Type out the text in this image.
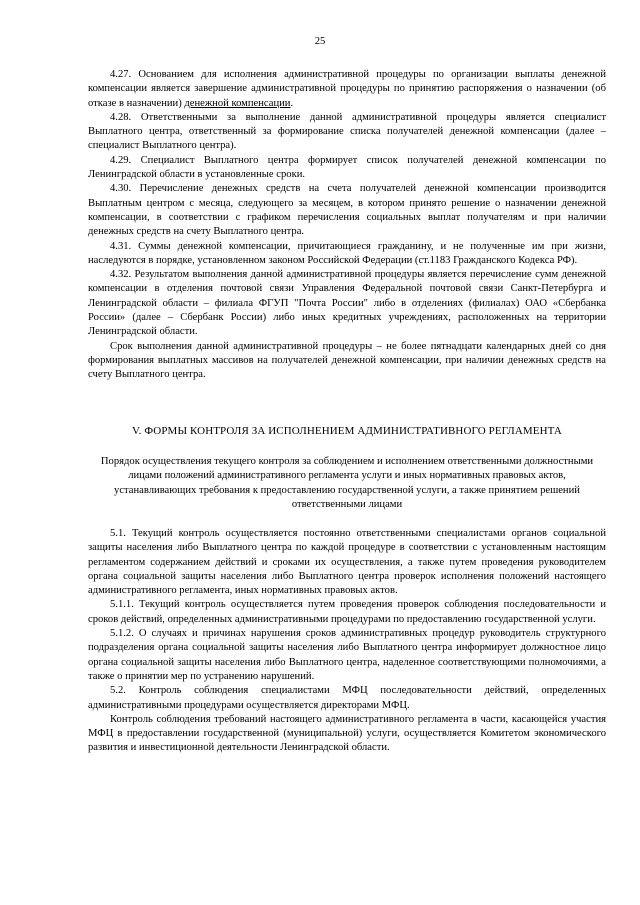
25

4.27. Основанием для исполнения административной процедуры по организации выплаты денежной компенсации является завершение административной процедуры по принятию распоряжения о назначении (об отказе в назначении) денежной компенсации.

4.28. Ответственными за выполнение данной административной процедуры является специалист Выплатного центра, ответственный за формирование списка получателей денежной компенсации (далее – специалист Выплатного центра).

4.29. Специалист Выплатного центра формирует список получателей денежной компенсации по Ленинградской области в установленные сроки.

4.30. Перечисление денежных средств на счета получателей денежной компенсации производится Выплатным центром с месяца, следующего за месяцем, в котором принято решение о назначении денежной компенсации, в соответствии с графиком перечисления социальных выплат получателям и при наличии денежных средств на счету Выплатного центра.

4.31. Суммы денежной компенсации, причитающиеся гражданину, и не полученные им при жизни, наследуются в порядке, установленном законом Российской Федерации (ст.1183 Гражданского Кодекса РФ).

4.32. Результатом выполнения данной административной процедуры является перечисление сумм денежной компенсации в отделения почтовой связи Управления Федеральной почтовой связи Санкт-Петербурга и Ленинградской области – филиала ФГУП "Почта России" либо в отделениях (филиалах) ОАО «Сбербанка России» (далее – Сбербанк России) либо иных кредитных учреждениях, расположенных на территории Ленинградской области.

Срок выполнения данной административной процедуры – не более пятнадцати календарных дней со дня формирования выплатных массивов на получателей денежной компенсации, при наличии денежных средств на счету Выплатного центра.

V. ФОРМЫ КОНТРОЛЯ ЗА ИСПОЛНЕНИЕМ АДМИНИСТРАТИВНОГО РЕГЛАМЕНТА

Порядок осуществления текущего контроля за соблюдением и исполнением ответственными должностными лицами положений административного регламента услуги и иных нормативных правовых актов, устанавливающих требования к предоставлению государственной услуги, а также принятием решений ответственными лицами

5.1. Текущий контроль осуществляется постоянно ответственными специалистами органов социальной защиты населения либо Выплатного центра по каждой процедуре в соответствии с установленным настоящим регламентом содержанием действий и сроками их осуществления, а также путем проведения руководителем органа социальной защиты населения либо Выплатного центра проверок исполнения положений настоящего административного регламента, иных нормативных правовых актов.

5.1.1. Текущий контроль осуществляется путем проведения проверок соблюдения последовательности и сроков действий, определенных административными процедурами по предоставлению государственной услуги.

5.1.2. О случаях и причинах нарушения сроков административных процедур руководитель структурного подразделения органа социальной защиты населения либо Выплатного центра информирует должностное лицо органа социальной защиты населения либо Выплатного центра, наделенное соответствующими полномочиями, а также о принятии мер по устранению нарушений.

5.2. Контроль соблюдения специалистами МФЦ последовательности действий, определенных административными процедурами осуществляется директорами МФЦ.

Контроль соблюдения требований настоящего административного регламента в части, касающейся участия МФЦ в предоставлении государственной (муниципальной) услуги, осуществляется Комитетом экономического развития и инвестиционной деятельности Ленинградской области.
